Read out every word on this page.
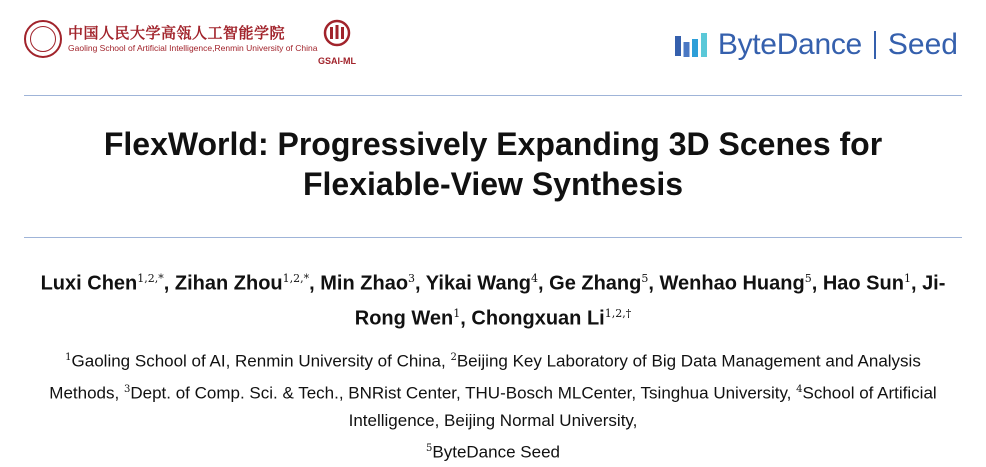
中国人民大学高瓴人工智能学院
Gaoling School of Artificial Intelligence,Renmin University of China
GSAI-ML	ByteDance Seed
FlexWorld: Progressively Expanding 3D Scenes for
Flexiable-View Synthesis
Luxi Chen$^{1,2,*}$, Zihan Zhou$^{1,2,*}$, Min Zhao$^3$, Yikai Wang$^4$, Ge Zhang$^5$, Wenhao Huang$^5$, Hao Sun$^1$, Ji-Rong Wen$^1$, Chongxuan $Li^{1,2,\dagger}$
$^1$Gaoling School of AI, Renmin University of China, $^2$Beijing Key Laboratory of Big Data Management and Analysis Methods, $^3$Dept. of Comp. Sci. & Tech., BNRist Center, THU-Bosch MLCenter, Tsinghua University, $^4$School of Artificial Intelligence, Beijing Normal University,
$^5$ByteDance Seed
